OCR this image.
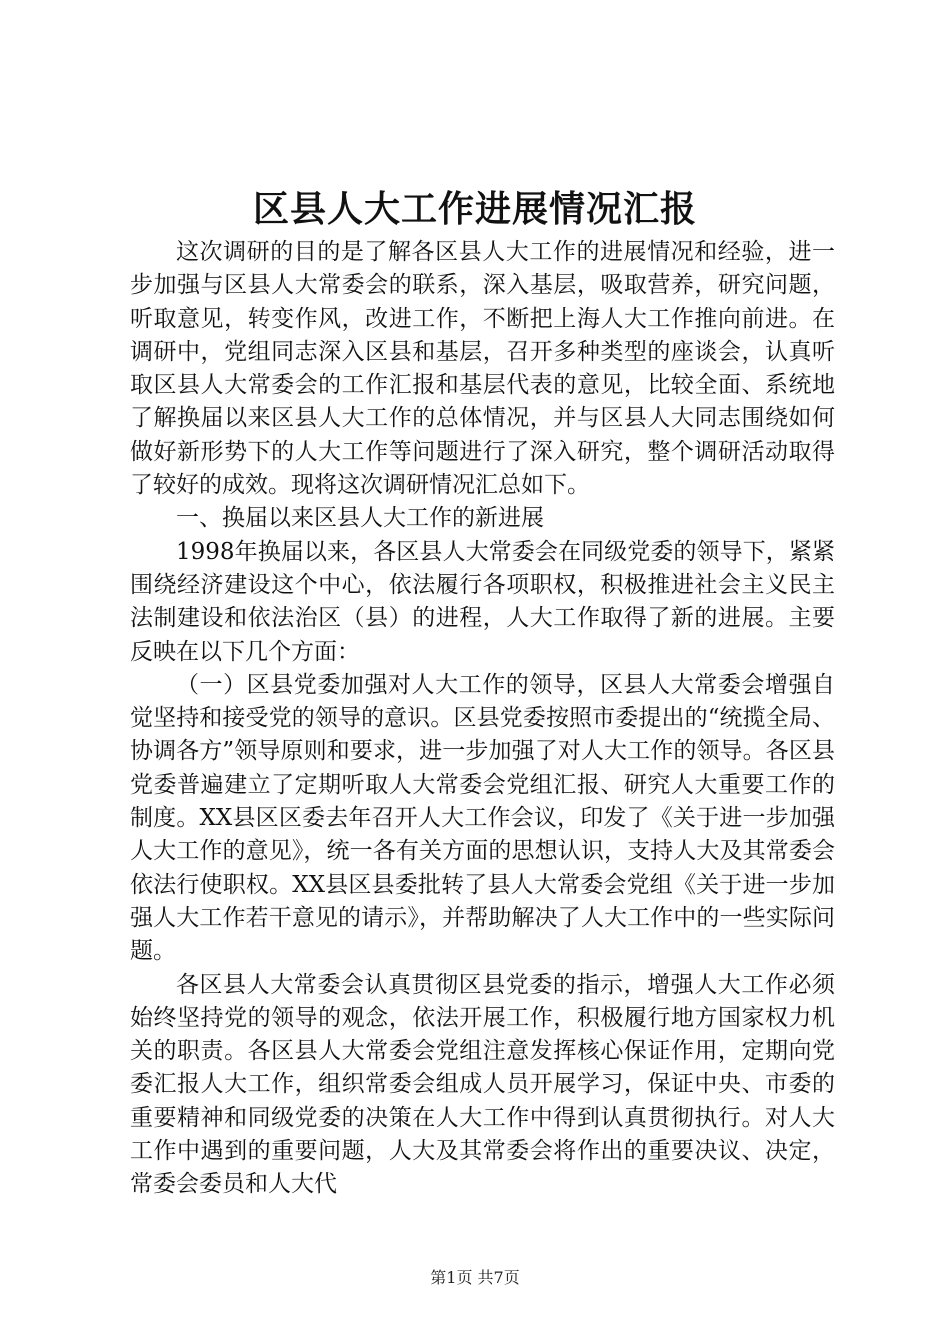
区县人大工作进展情况汇报

这次调研的目的是了解各区县人大工作的进展情况和经验，进一步加强与区县人大常委会的联系，深入基层，吸取营养，研究问题，听取意见，转变作风，改进工作，不断把上海人大工作推向前进。在调研中，党组同志深入区县和基层，召开多种类型的座谈会，认真听取区县人大常委会的工作汇报和基层代表的意见，比较全面、系统地了解换届以来区县人大工作的总体情况，并与区县人大同志围绕如何做好新形势下的人大工作等问题进行了深入研究，整个调研活动取得了较好的成效。现将这次调研情况汇总如下。

一、换届以来区县人大工作的新进展

1998年换届以来，各区县人大常委会在同级党委的领导下，紧紧围绕经济建设这个中心，依法履行各项职权，积极推进社会主义民主法制建设和依法治区（县）的进程，人大工作取得了新的进展。主要反映在以下几个方面：

（一）区县党委加强对人大工作的领导，区县人大常委会增强自觉坚持和接受党的领导的意识。区县党委按照市委提出的“统揽全局、协调各方”领导原则和要求，进一步加强了对人大工作的领导。各区县党委普遍建立了定期听取人大常委会党组汇报、研究人大重要工作的制度。XX县区区委去年召开人大工作会议，印发了《关于进一步加强人大工作的意见》，统一各有关方面的思想认识，支持人大及其常委会依法行使职权。XX县区县委批转了县人大常委会党组《关于进一步加强人大工作若干意见的请示》，并帮助解决了人大工作中的一些实际问题。

各区县人大常委会认真贯彻区县党委的指示，增强人大工作必须始终坚持党的领导的观念，依法开展工作，积极履行地方国家权力机关的职责。各区县人大常委会党组注意发挥核心保证作用，定期向党委汇报人大工作，组织常委会组成人员开展学习，保证中央、市委的重要精神和同级党委的决策在人大工作中得到认真贯彻执行。对人大工作中遇到的重要问题，人大及其常委会将作出的重要决议、决定，常委会委员和人大代

第1页 共7页
